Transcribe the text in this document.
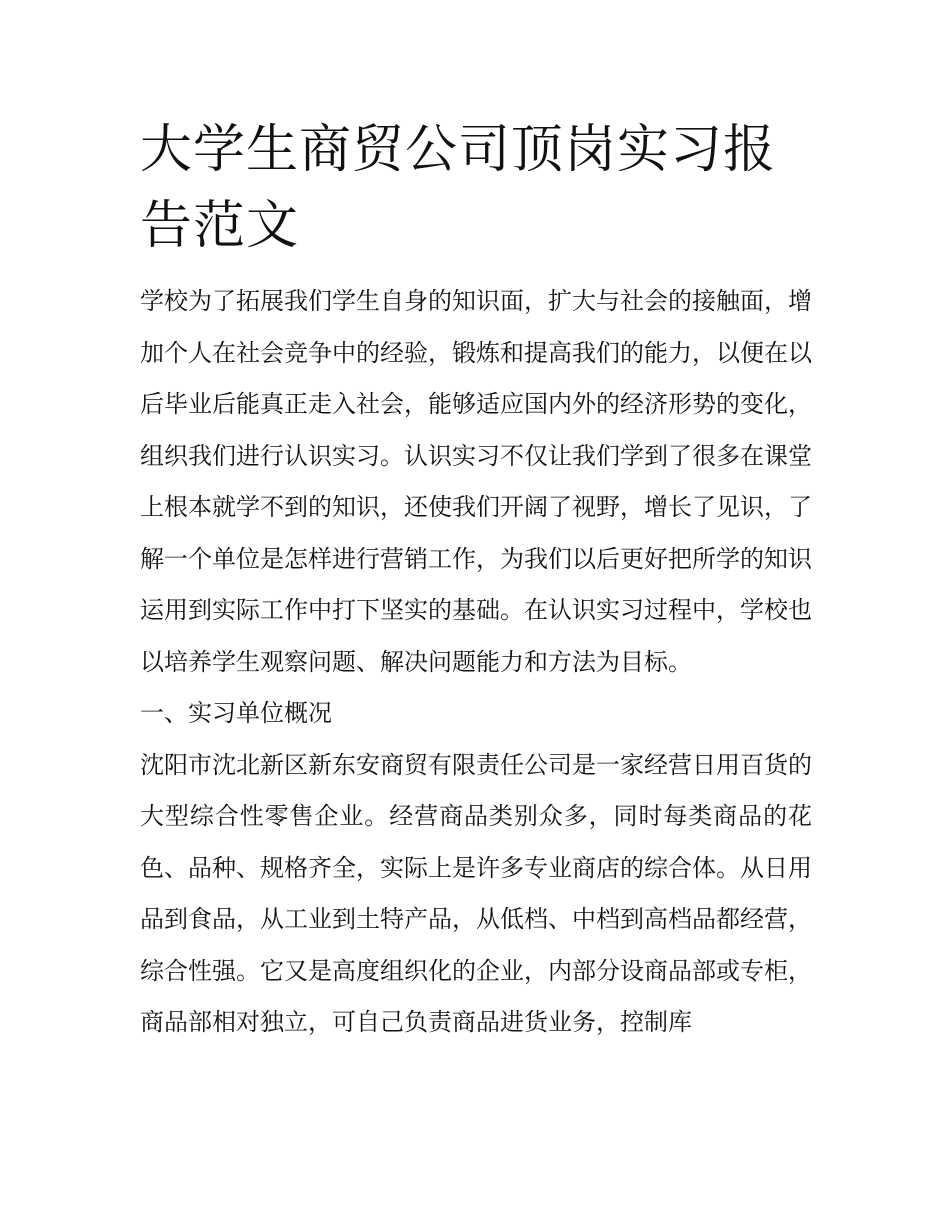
大学生商贸公司顶岗实习报告范文

学校为了拓展我们学生自身的知识面，扩大与社会的接触面，增加个人在社会竞争中的经验，锻炼和提高我们的能力，以便在以后毕业后能真正走入社会，能够适应国内外的经济形势的变化，组织我们进行认识实习。认识实习不仅让我们学到了很多在课堂上根本就学不到的知识，还使我们开阔了视野，增长了见识，了解一个单位是怎样进行营销工作，为我们以后更好把所学的知识运用到实际工作中打下坚实的基础。在认识实习过程中，学校也以培养学生观察问题、解决问题能力和方法为目标。

一、实习单位概况

沈阳市沈北新区新东安商贸有限责任公司是一家经营日用百货的大型综合性零售企业。经营商品类别众多，同时每类商品的花色、品种、规格齐全，实际上是许多专业商店的综合体。从日用品到食品，从工业到土特产品，从低档、中档到高档品都经营，综合性强。它又是高度组织化的企业，内部分设商品部或专柜，商品部相对独立，可自己负责商品进货业务，控制库
